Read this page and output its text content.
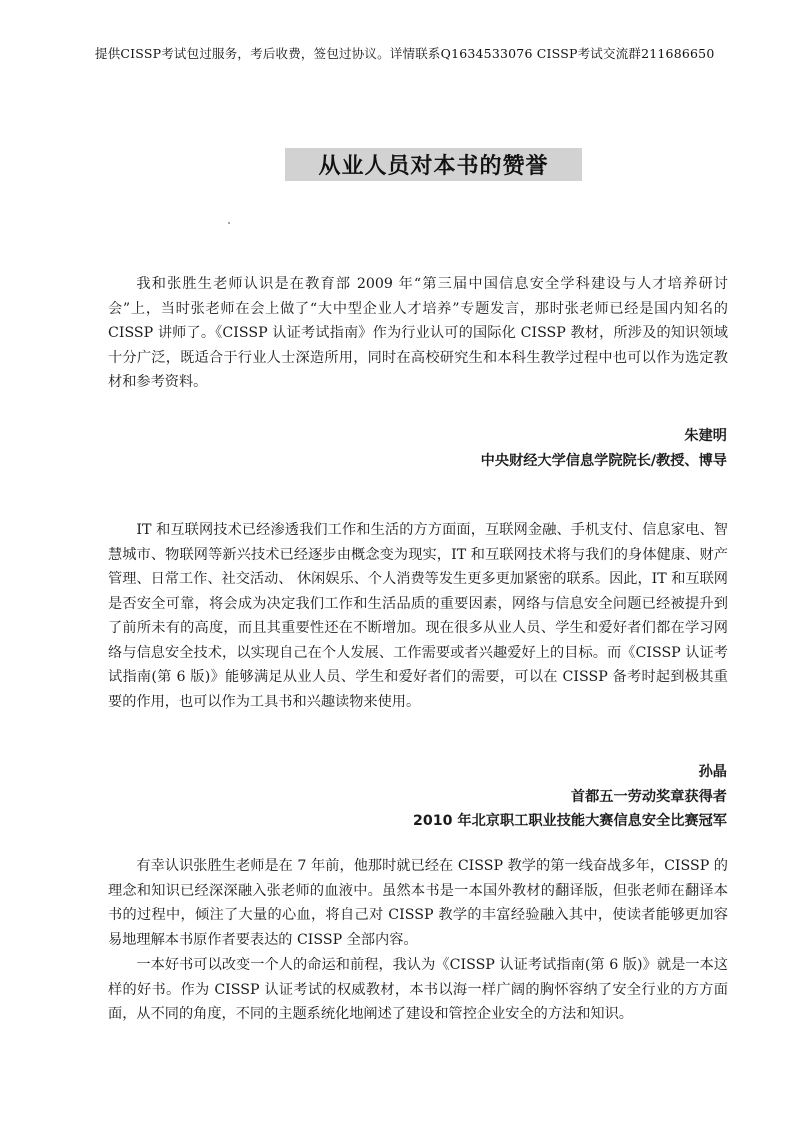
提供CISSP考试包过服务，考后收费，签包过协议。详情联系Q1634533076 CISSP考试交流群211686650
从业人员对本书的赞誉

我和张胜生老师认识是在教育部 2009 年“第三届中国信息安全学科建设与人才培养研讨会”上，当时张老师在会上做了“大中型企业人才培养”专题发言，那时张老师已经是国内知名的 CISSP 讲师了。《CISSP 认证考试指南》作为行业认可的国际化 CISSP 教材，所涉及的知识领域十分广泛，既适合于行业人士深造所用，同时在高校研究生和本科生教学过程中也可以作为选定教材和参考资料。

朱建明
中央财经大学信息学院院长/教授、博导

IT 和互联网技术已经渗透我们工作和生活的方方面面，互联网金融、手机支付、信息家电、智慧城市、物联网等新兴技术已经逐步由概念变为现实，IT 和互联网技术将与我们的身体健康、财产管理、日常工作、社交活动、 休闲娱乐、个人消费等发生更多更加紧密的联系。因此，IT 和互联网是否安全可靠，将会成为决定我们工作和生活品质的重要因素，网络与信息安全问题已经被提升到了前所未有的高度，而且其重要性还在不断增加。现在很多从业人员、学生和爱好者们都在学习网络与信息安全技术，以实现自己在个人发展、工作需要或者兴趣爱好上的目标。而《CISSP 认证考试指南(第 6 版)》能够满足从业人员、学生和爱好者们的需要，可以在 CISSP 备考时起到极其重要的作用，也可以作为工具书和兴趣读物来使用。

孙晶
首都五一劳动奖章获得者
2010 年北京职工职业技能大赛信息安全比赛冠军

有幸认识张胜生老师是在 7 年前，他那时就已经在 CISSP 教学的第一线奋战多年，CISSP 的理念和知识已经深深融入张老师的血液中。虽然本书是一本国外教材的翻译版，但张老师在翻译本书的过程中，倾注了大量的心血，将自己对 CISSP 教学的丰富经验融入其中，使读者能够更加容易地理解本书原作者要表达的 CISSP 全部内容。

一本好书可以改变一个人的命运和前程，我认为《CISSP 认证考试指南(第 6 版)》就是一本这样的好书。作为 CISSP 认证考试的权威教材，本书以海一样广阔的胸怀容纳了安全行业的方方面面，从不同的角度，不同的主题系统化地阐述了建设和管控企业安全的方法和知识。
